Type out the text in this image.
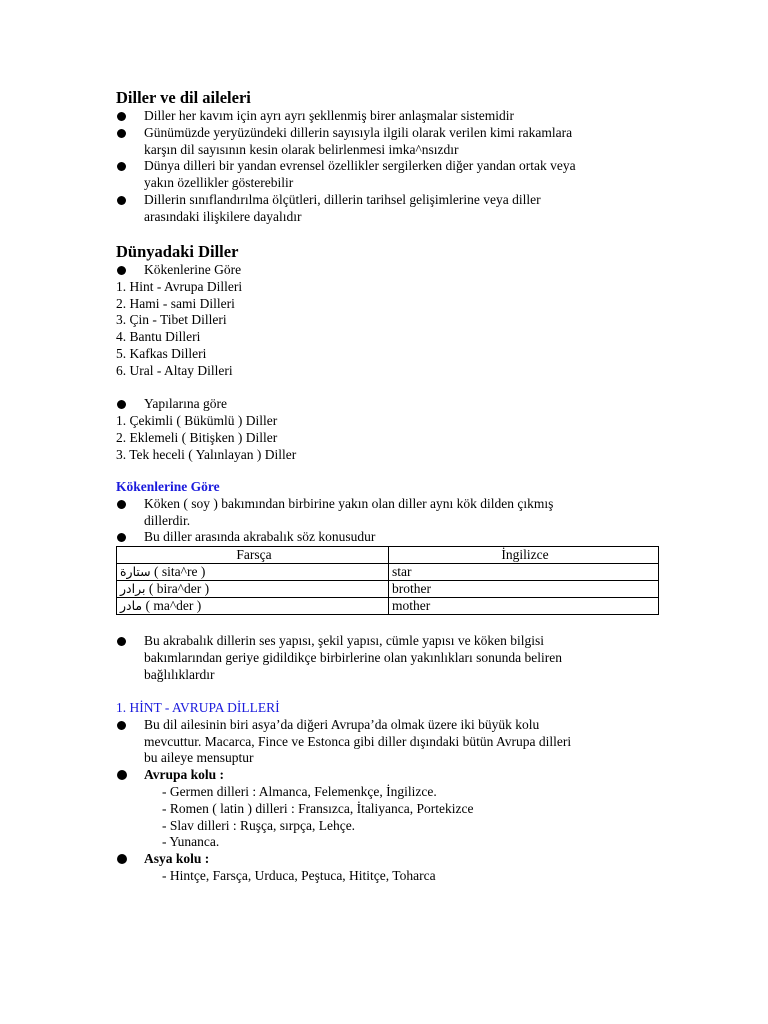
Diller ve dil aileleri
Diller her kavım için ayrı ayrı şekllenmiş birer anlaşmalar sistemidir
Günümüzde yeryüzündeki dillerin sayısıyla ilgili olarak verilen kimi rakamlara
karşın dil sayısının kesin olarak belirlenmesi imka^nsızdır
Dünya dilleri bir yandan evrensel özellikler sergilerken diğer yandan ortak veya
yakın özellikler gösterebilir
Dillerin sınıflandırılma ölçütleri, dillerin tarihsel gelişimlerine veya diller
arasındaki ilişkilere dayalıdır
Dünyadaki Diller
Kökenlerine Göre
1. Hint - Avrupa Dilleri
2. Hami - sami Dilleri
3. Çin - Tibet Dilleri
4. Bantu Dilleri
5. Kafkas Dilleri
6. Ural - Altay Dilleri
Yapılarına göre
1. Çekimli ( Bükümlü ) Diller
2. Eklemeli ( Bitişken ) Diller
3. Tek heceli ( Yalınlayan ) Diller
Kökenlerine Göre
Köken ( soy ) bakımından birbirine yakın olan diller aynı kök dilden çıkmış
dillerdir.
Bu diller arasında akrabalık söz konusudur
Farsça	İngilizce
ستارة ( sita^re )	star
برادر ( bira^der )	brother
مادر ( ma^der )	mother
Bu akrabalık dillerin ses yapısı, şekil yapısı, cümle yapısı ve köken bilgisi
bakımlarından geriye gidildikçe birbirlerine olan yakınlıkları sonunda beliren
bağlılıklardır
1. HİNT - AVRUPA DİLLERİ
Bu dil ailesinin biri asya’da diğeri Avrupa’da olmak üzere iki büyük kolu
mevcuttur. Macarca, Fince ve Estonca gibi diller dışındaki bütün Avrupa dilleri
bu aileye mensuptur
Avrupa kolu :
- Germen dilleri : Almanca, Felemenkçe, İngilizce.
- Romen ( latin ) dilleri : Fransızca, İtaliyanca, Portekizce
- Slav dilleri : Ruşça, sırpça, Lehçe.
- Yunanca.
Asya kolu :
- Hintçe, Farsça, Urduca, Peştuca, Hititçe, Toharca
